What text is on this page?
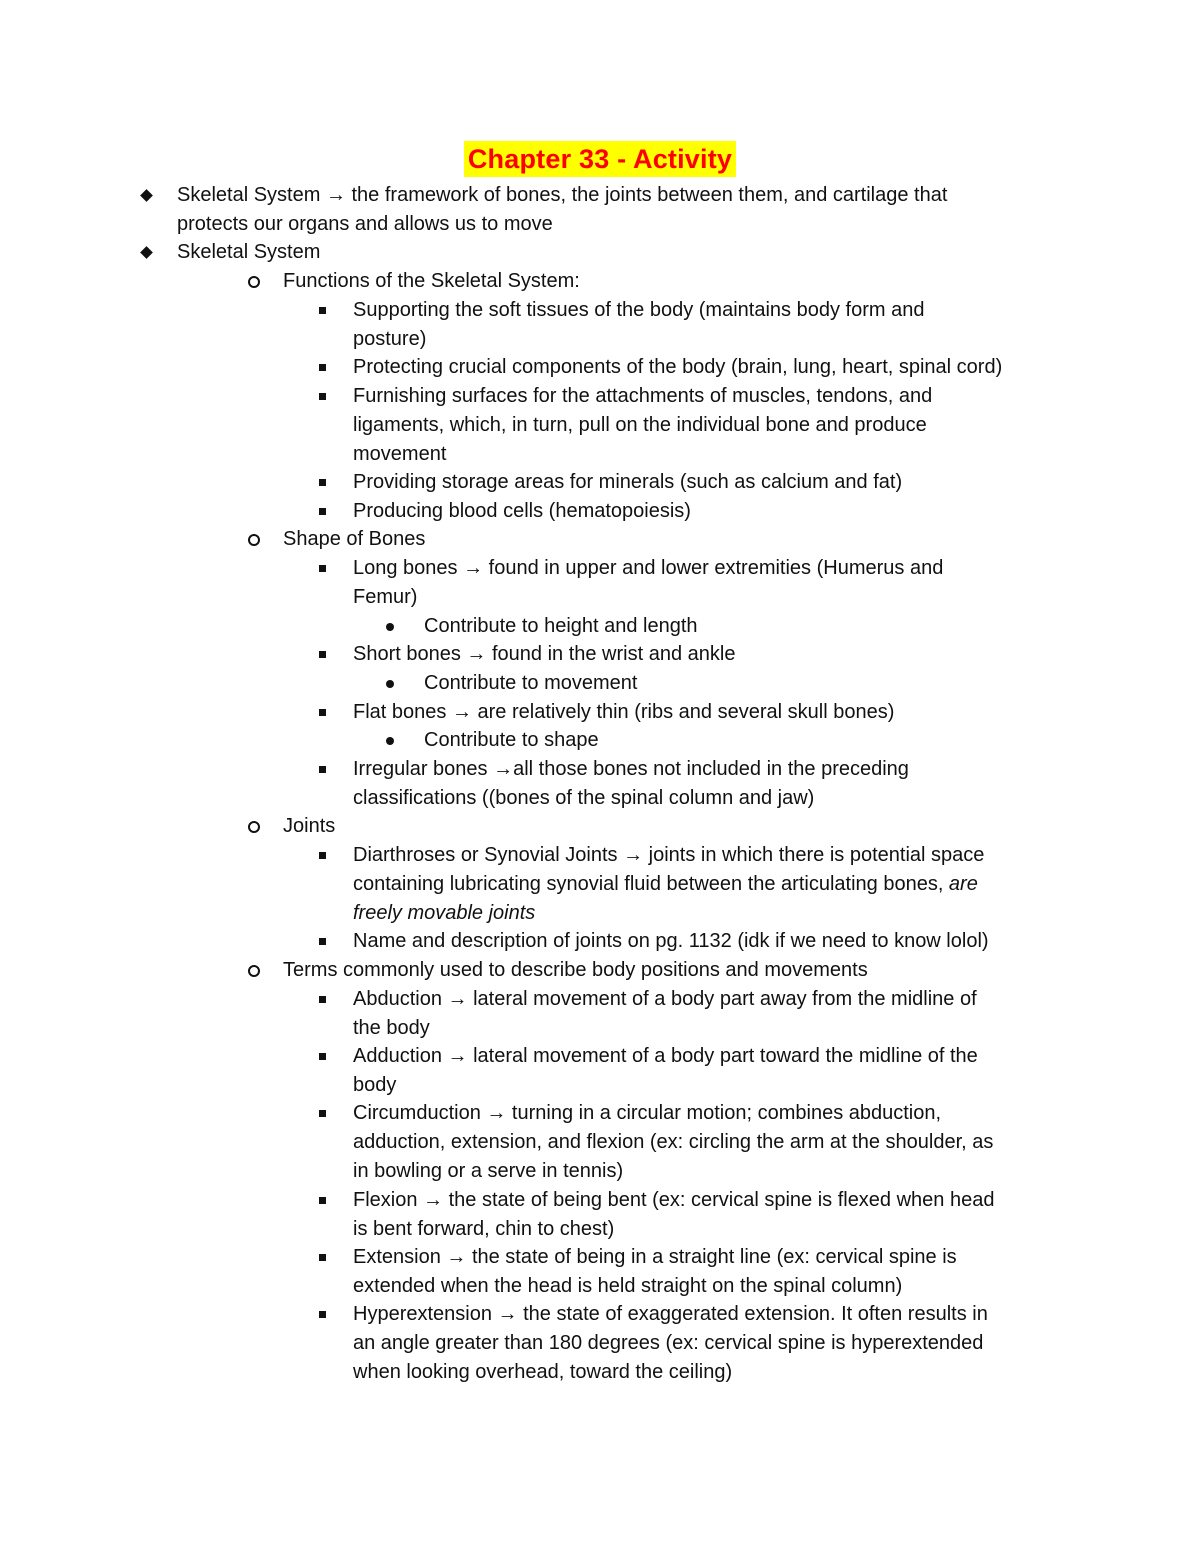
Chapter 33 - Activity
Skeletal System → the framework of bones, the joints between them, and cartilage that
protects our organs and allows us to move
Skeletal System
Functions of the Skeletal System:
Supporting the soft tissues of the body (maintains body form and
posture)
Protecting crucial components of the body (brain, lung, heart, spinal cord)
Furnishing surfaces for the attachments of muscles, tendons, and
ligaments, which, in turn, pull on the individual bone and produce
movement
Providing storage areas for minerals (such as calcium and fat)
Producing blood cells (hematopoiesis)
Shape of Bones
Long bones → found in upper and lower extremities (Humerus and
Femur)
Contribute to height and length
Short bones → found in the wrist and ankle
Contribute to movement
Flat bones → are relatively thin (ribs and several skull bones)
Contribute to shape
Irregular bones →all those bones not included in the preceding
classifications ((bones of the spinal column and jaw)
Joints
Diarthroses or Synovial Joints → joints in which there is potential space
containing lubricating synovial fluid between the articulating bones, are
freely movable joints
Name and description of joints on pg. 1132 (idk if we need to know lolol)
Terms commonly used to describe body positions and movements
Abduction → lateral movement of a body part away from the midline of
the body
Adduction → lateral movement of a body part toward the midline of the
body
Circumduction → turning in a circular motion; combines abduction,
adduction, extension, and flexion (ex: circling the arm at the shoulder, as
in bowling or a serve in tennis)
Flexion → the state of being bent (ex: cervical spine is flexed when head
is bent forward, chin to chest)
Extension → the state of being in a straight line (ex: cervical spine is
extended when the head is held straight on the spinal column)
Hyperextension → the state of exaggerated extension. It often results in
an angle greater than 180 degrees (ex: cervical spine is hyperextended
when looking overhead, toward the ceiling)
